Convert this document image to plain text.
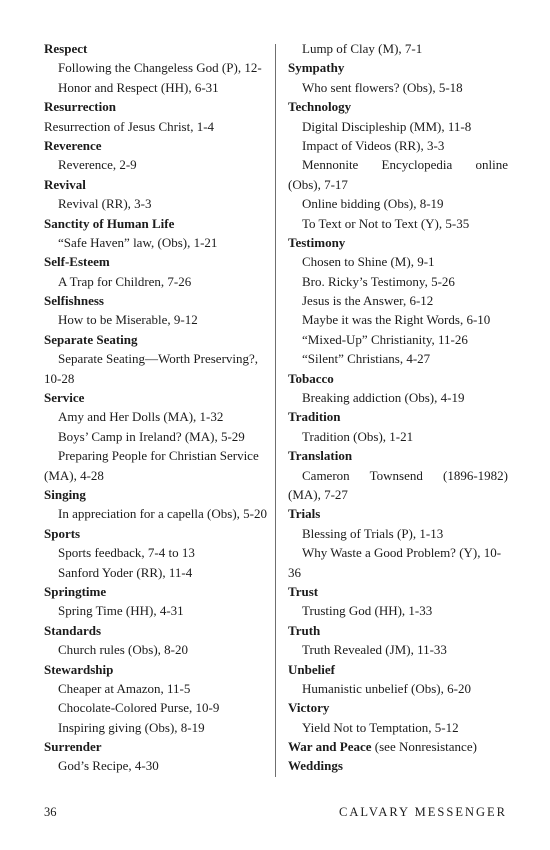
Respect
Following the Changeless God (P), 12-
Honor and Respect (HH), 6-31
Resurrection
Resurrection of Jesus Christ, 1-4
Reverence
Reverence, 2-9
Revival
Revival (RR), 3-3
Sanctity of Human Life
“Safe Haven” law, (Obs), 1-21
Self-Esteem
A Trap for Children, 7-26
Selfishness
How to be Miserable, 9-12
Separate Seating
Separate Seating—Worth Preserving?,
10-28
Service
Amy and Her Dolls (MA), 1-32
Boys’ Camp in Ireland? (MA), 5-29
Preparing People for Christian Service
(MA), 4-28
Singing
In appreciation for a capella (Obs), 5-20
Sports
Sports feedback, 7-4 to 13
Sanford Yoder (RR), 11-4
Springtime
Spring Time (HH), 4-31
Standards
Church rules (Obs), 8-20
Stewardship
Cheaper at Amazon, 11-5
Chocolate-Colored Purse, 10-9
Inspiring giving (Obs), 8-19
Surrender
God’s Recipe, 4-30
Lump of Clay (M), 7-1
Sympathy
Who sent flowers? (Obs), 5-18
Technology
Digital Discipleship (MM), 11-8
Impact of Videos (RR), 3-3
Mennonite Encyclopedia online
(Obs), 7-17
Online bidding (Obs), 8-19
To Text or Not to Text (Y), 5-35
Testimony
Chosen to Shine (M), 9-1
Bro. Ricky’s Testimony, 5-26
Jesus is the Answer, 6-12
Maybe it was the Right Words, 6-10
“Mixed-Up” Christianity, 11-26
“Silent” Christians, 4-27
Tobacco
Breaking addiction (Obs), 4-19
Tradition
Tradition (Obs), 1-21
Translation
Cameron Townsend (1896-1982)
(MA), 7-27
Trials
Blessing of Trials (P), 1-13
Why Waste a Good Problem? (Y), 10-
36
Trust
Trusting God (HH), 1-33
Truth
Truth Revealed (JM), 11-33
Unbelief
Humanistic unbelief (Obs), 6-20
Victory
Yield Not to Temptation, 5-12
War and Peace (see Nonresistance)
Weddings
36	CALVARY MESSENGER
